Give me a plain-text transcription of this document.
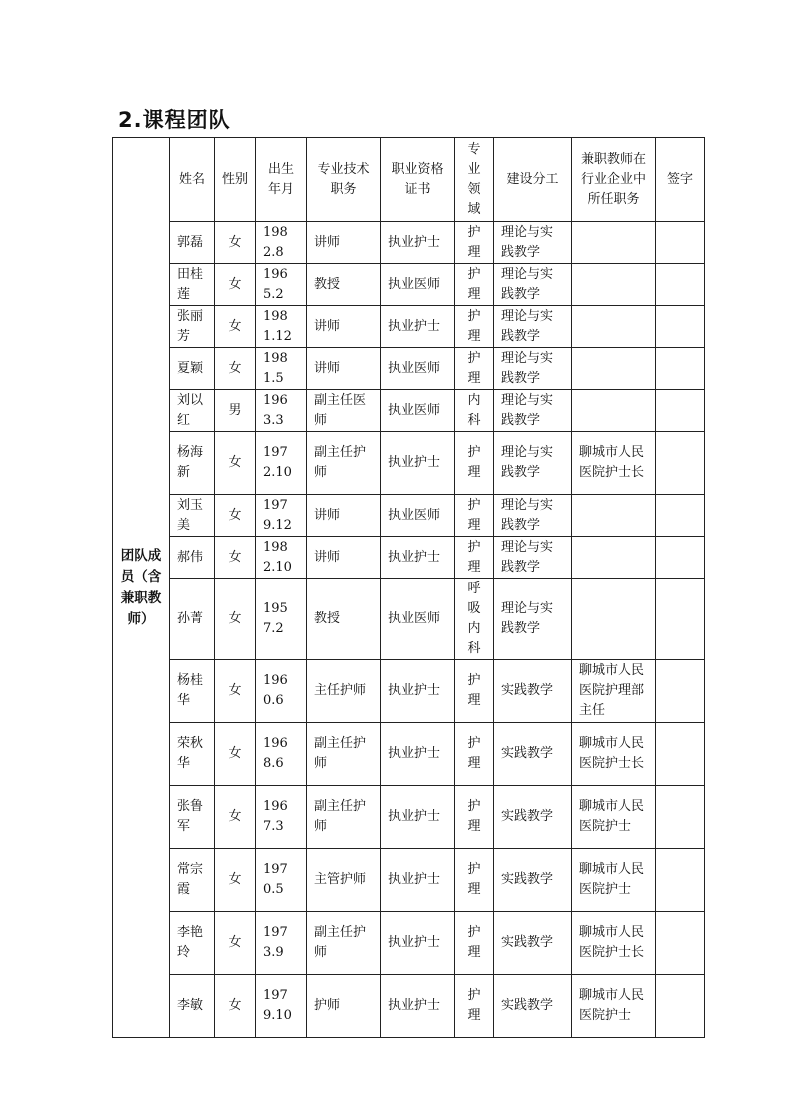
2.课程团队
团队成员（含兼职教师）	姓名	性别	出生年月	专业技术职务	职业资格证书	专业领域	建设分工	兼职教师在行业企业中所任职务	签字
	郭磊	女	1982.8	讲师	执业护士	护理	理论与实践教学		
	田桂莲	女	1965.2	教授	执业医师	护理	理论与实践教学		
	张丽芳	女	1981.12	讲师	执业护士	护理	理论与实践教学		
	夏颖	女	1981.5	讲师	执业医师	护理	理论与实践教学		
	刘以红	男	1963.3	副主任医师	执业医师	内科	理论与实践教学		
	杨海新	女	1972.10	副主任护师	执业护士	护理	理论与实践教学	聊城市人民医院护士长	
	刘玉美	女	1979.12	讲师	执业医师	护理	理论与实践教学		
	郝伟	女	1982.10	讲师	执业护士	护理	理论与实践教学		
	孙菁	女	1957.2	教授	执业医师	呼吸内科	理论与实践教学		
	杨桂华	女	1960.6	主任护师	执业护士	护理	实践教学	聊城市人民医院护理部主任	
	荣秋华	女	1968.6	副主任护师	执业护士	护理	实践教学	聊城市人民医院护士长	
	张鲁军	女	1967.3	副主任护师	执业护士	护理	实践教学	聊城市人民医院护士	
	常宗霞	女	1970.5	主管护师	执业护士	护理	实践教学	聊城市人民医院护士	
	李艳玲	女	1973.9	副主任护师	执业护士	护理	实践教学	聊城市人民医院护士长	
	李敏	女	1979.10	护师	执业护士	护理	实践教学	聊城市人民医院护士	
